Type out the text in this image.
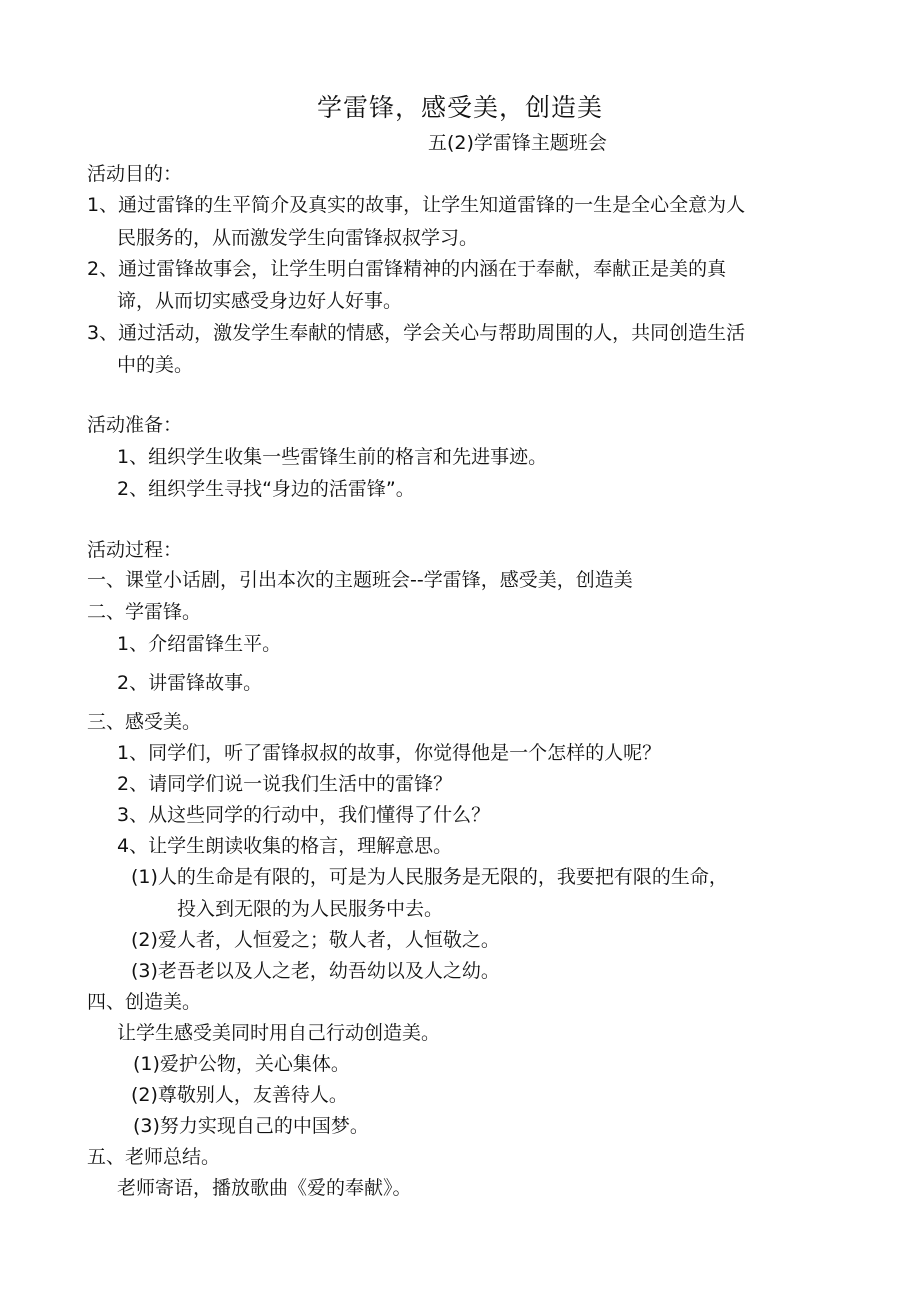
学雷锋，感受美，创造美
五(2)学雷锋主题班会
活动目的：
1、通过雷锋的生平简介及真实的故事，让学生知道雷锋的一生是全心全意为人
民服务的，从而激发学生向雷锋叔叔学习。
2、通过雷锋故事会，让学生明白雷锋精神的内涵在于奉献，奉献正是美的真
谛，从而切实感受身边好人好事。
3、通过活动，激发学生奉献的情感，学会关心与帮助周围的人，共同创造生活
中的美。
活动准备：
1、组织学生收集一些雷锋生前的格言和先进事迹。
2、组织学生寻找“身边的活雷锋”。
活动过程：
一、课堂小话剧，引出本次的主题班会--学雷锋，感受美，创造美
二、学雷锋。
1、介绍雷锋生平。
2、讲雷锋故事。
三、感受美。
1、同学们，听了雷锋叔叔的故事，你觉得他是一个怎样的人呢？
2、请同学们说一说我们生活中的雷锋？
3、从这些同学的行动中，我们懂得了什么？
4、让学生朗读收集的格言，理解意思。
(1)人的生命是有限的，可是为人民服务是无限的，我要把有限的生命，
投入到无限的为人民服务中去。
(2)爱人者，人恒爱之；敬人者，人恒敬之。
(3)老吾老以及人之老，幼吾幼以及人之幼。
四、创造美。
让学生感受美同时用自己行动创造美。
(1)爱护公物，关心集体。
(2)尊敬别人，友善待人。
(3)努力实现自己的中国梦。
五、老师总结。
老师寄语，播放歌曲《爱的奉献》。
